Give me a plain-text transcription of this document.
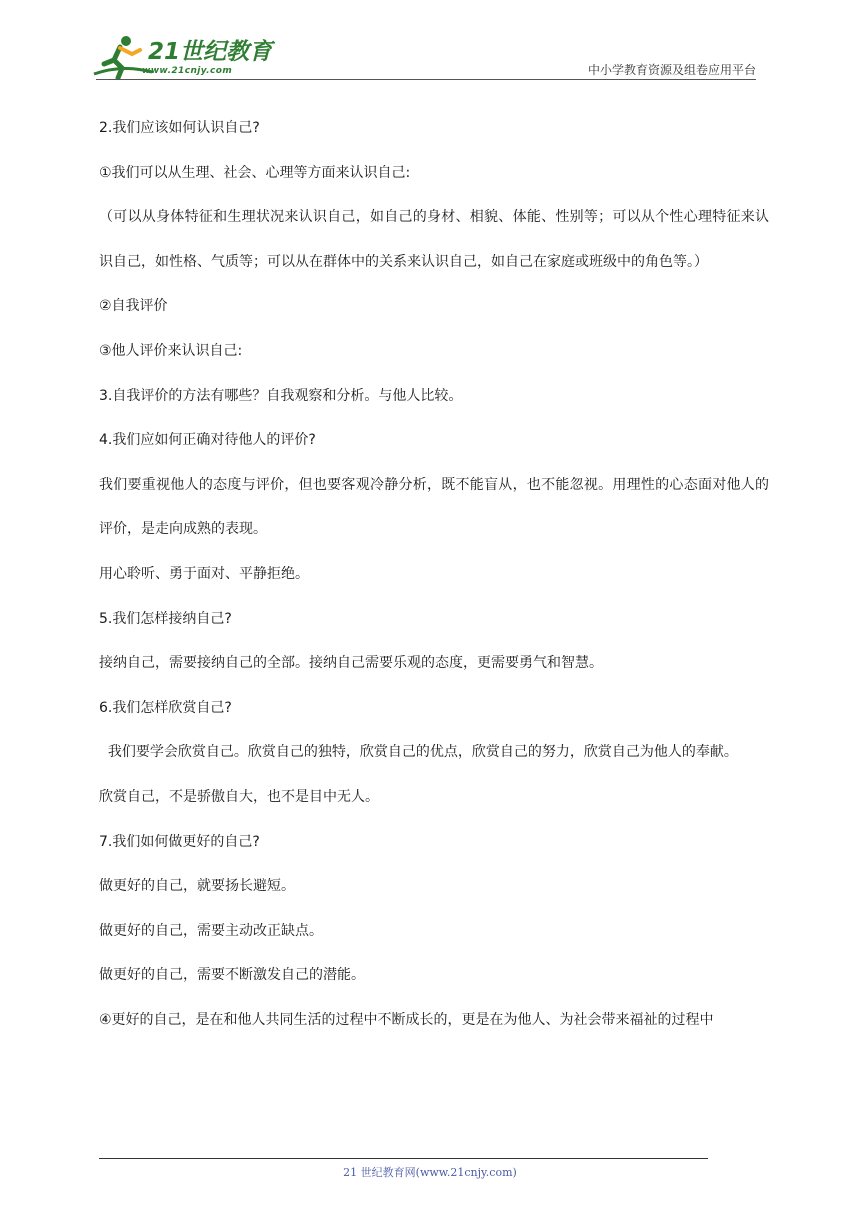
21世纪教育
www.21cnjy.com	中小学教育资源及组卷应用平台

2.我们应该如何认识自己?

①我们可以从生理、社会、心理等方面来认识自己:

（可以从身体特征和生理状况来认识自己，如自己的身材、相貌、体能、性别等；可以从个性心理特征来认识自己，如性格、气质等；可以从在群体中的关系来认识自己，如自己在家庭或班级中的角色等。）

②自我评价

③他人评价来认识自己:

3.自我评价的方法有哪些？自我观察和分析。与他人比较。

4.我们应如何正确对待他人的评价?

我们要重视他人的态度与评价，但也要客观冷静分析，既不能盲从，也不能忽视。用理性的心态面对他人的评价，是走向成熟的表现。

用心聆听、勇于面对、平静拒绝。

5.我们怎样接纳自己?

接纳自己，需要接纳自己的全部。接纳自己需要乐观的态度，更需要勇气和智慧。

6.我们怎样欣赏自己?

我们要学会欣赏自己。欣赏自己的独特，欣赏自己的优点，欣赏自己的努力，欣赏自己为他人的奉献。

欣赏自己，不是骄傲自大，也不是目中无人。

7.我们如何做更好的自己?

做更好的自己，就要扬长避短。

做更好的自己，需要主动改正缺点。

做更好的自己，需要不断激发自己的潜能。

④更好的自己，是在和他人共同生活的过程中不断成长的，更是在为他人、为社会带来福祉的过程中

21 世纪教育网(www.21cnjy.com)
